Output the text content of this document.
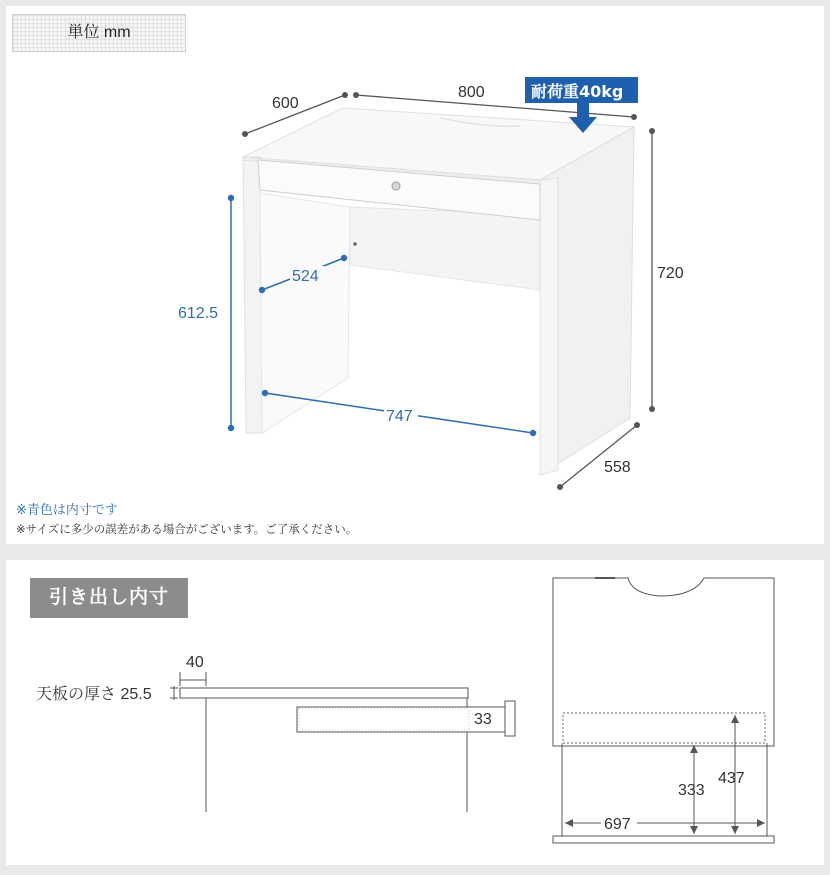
単位 mm
600
800	耐荷重40kg
720
558
612.5
524
747
40
天板の厚さ 25.5
33
333
437
697
※青色は内寸です
※サイズに多少の誤差がある場合がございます。ご了承ください。
引き出し内寸
